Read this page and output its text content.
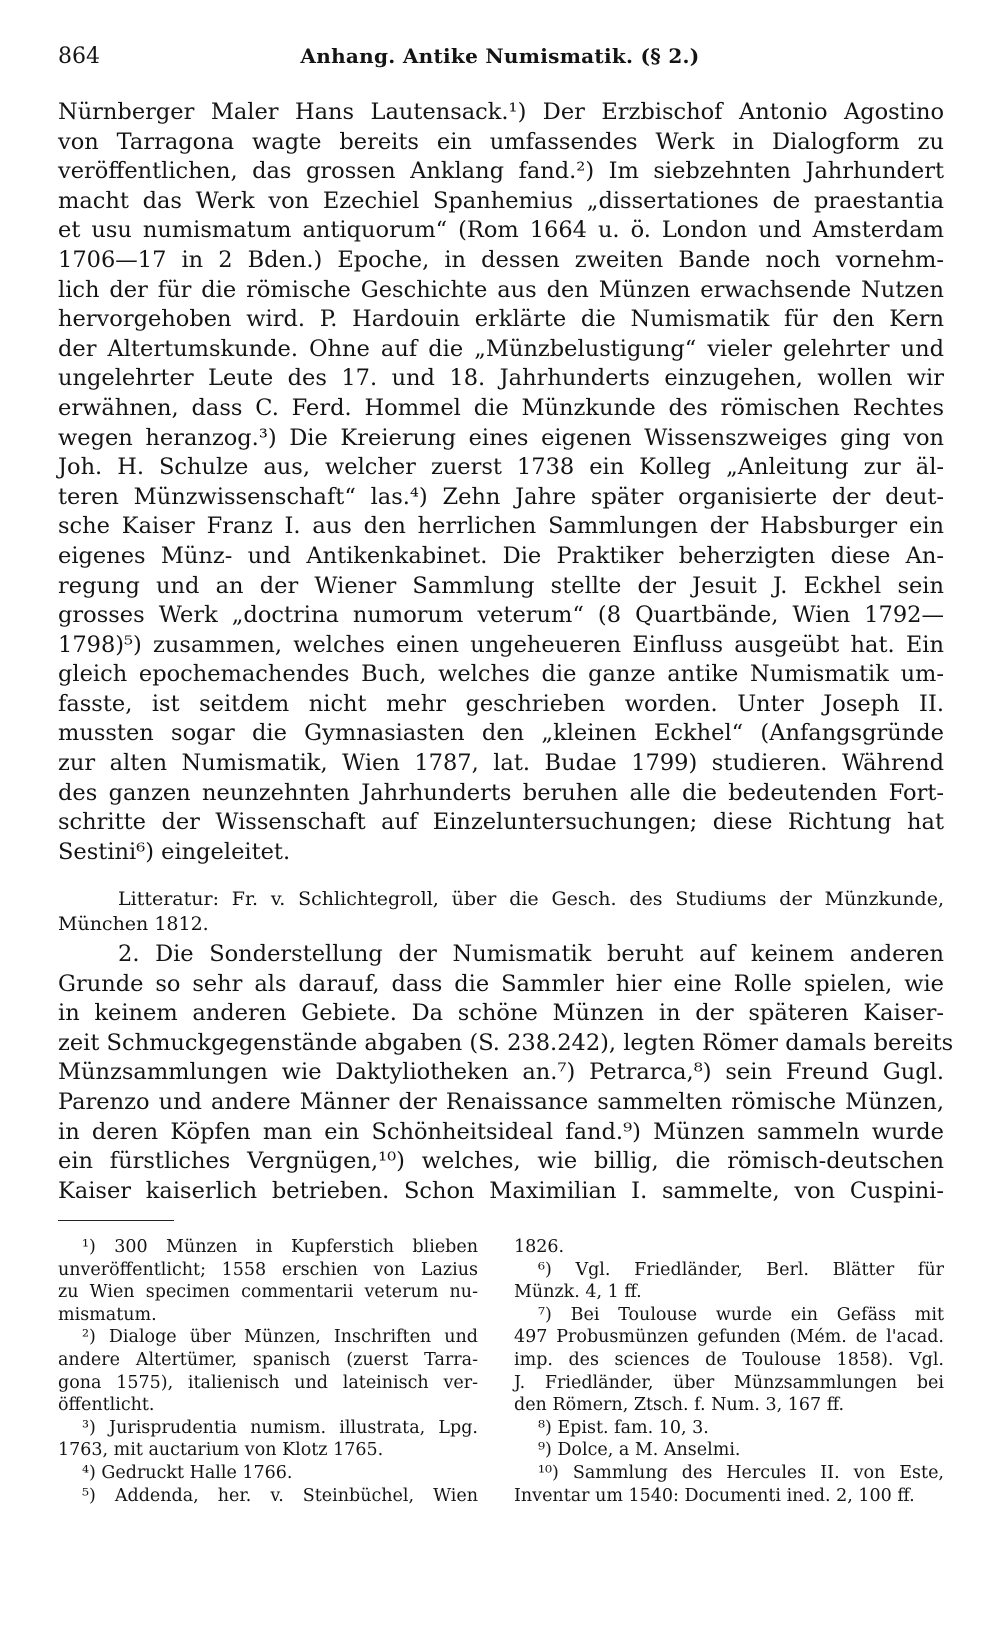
864	Anhang. Antike Numismatik. (§ 2.)
Nürnberger Maler Hans Lautensack.¹) Der Erzbischof Antonio Agostino
von Tarragona wagte bereits ein umfassendes Werk in Dialogform zu
veröffentlichen, das grossen Anklang fand.²) Im siebzehnten Jahrhundert
macht das Werk von Ezechiel Spanhemius „dissertationes de praestantia
et usu numismatum antiquorum“ (Rom 1664 u. ö. London und Amsterdam
1706—17 in 2 Bden.) Epoche, in dessen zweiten Bande noch vornehm-
lich der für die römische Geschichte aus den Münzen erwachsende Nutzen
hervorgehoben wird. P. Hardouin erklärte die Numismatik für den Kern
der Altertumskunde. Ohne auf die „Münzbelustigung“ vieler gelehrter und
ungelehrter Leute des 17. und 18. Jahrhunderts einzugehen, wollen wir
erwähnen, dass C. Ferd. Hommel die Münzkunde des römischen Rechtes
wegen heranzog.³) Die Kreierung eines eigenen Wissenszweiges ging von
Joh. H. Schulze aus, welcher zuerst 1738 ein Kolleg „Anleitung zur äl-
teren Münzwissenschaft“ las.⁴) Zehn Jahre später organisierte der deut-
sche Kaiser Franz I. aus den herrlichen Sammlungen der Habsburger ein
eigenes Münz- und Antikenkabinet. Die Praktiker beherzigten diese An-
regung und an der Wiener Sammlung stellte der Jesuit J. Eckhel sein
grosses Werk „doctrina numorum veterum“ (8 Quartbände, Wien 1792—
1798)⁵) zusammen, welches einen ungeheueren Einfluss ausgeübt hat. Ein
gleich epochemachendes Buch, welches die ganze antike Numismatik um-
fasste, ist seitdem nicht mehr geschrieben worden. Unter Joseph II.
mussten sogar die Gymnasiasten den „kleinen Eckhel“ (Anfangsgründe
zur alten Numismatik, Wien 1787, lat. Budae 1799) studieren. Während
des ganzen neunzehnten Jahrhunderts beruhen alle die bedeutenden Fort-
schritte der Wissenschaft auf Einzeluntersuchungen; diese Richtung hat
Sestini⁶) eingeleitet.
Litteratur: Fr. v. Schlichtegroll, über die Gesch. des Studiums der Münzkunde,
München 1812.
2. Die Sonderstellung der Numismatik beruht auf keinem anderen
Grunde so sehr als darauf, dass die Sammler hier eine Rolle spielen, wie
in keinem anderen Gebiete. Da schöne Münzen in der späteren Kaiser-
zeit Schmuckgegenstände abgaben (S. 238.242), legten Römer damals bereits
Münzsammlungen wie Daktyliotheken an.⁷) Petrarca,⁸) sein Freund Gugl.
Parenzo und andere Männer der Renaissance sammelten römische Münzen,
in deren Köpfen man ein Schönheitsideal fand.⁹) Münzen sammeln wurde
ein fürstliches Vergnügen,¹⁰) welches, wie billig, die römisch-deutschen
Kaiser kaiserlich betrieben. Schon Maximilian I. sammelte, von Cuspini-
¹) 300 Münzen in Kupferstich blieben
unveröffentlicht; 1558 erschien von Lazius
zu Wien specimen commentarii veterum nu-
mismatum.
²) Dialoge über Münzen, Inschriften und
andere Altertümer, spanisch (zuerst Tarra-
gona 1575), italienisch und lateinisch ver-
öffentlicht.
³) Jurisprudentia numism. illustrata, Lpg.
1763, mit auctarium von Klotz 1765.
⁴) Gedruckt Halle 1766.
⁵) Addenda, her. v. Steinbüchel, Wien
1826.
⁶) Vgl. Friedländer, Berl. Blätter für
Münzk. 4, 1 ff.
⁷) Bei Toulouse wurde ein Gefäss mit
497 Probusmünzen gefunden (Mém. de l'acad.
imp. des sciences de Toulouse 1858). Vgl.
J. Friedländer, über Münzsammlungen bei
den Römern, Ztsch. f. Num. 3, 167 ff.
⁸) Epist. fam. 10, 3.
⁹) Dolce, a M. Anselmi.
¹⁰) Sammlung des Hercules II. von Este,
Inventar um 1540: Documenti ined. 2, 100 ff.
